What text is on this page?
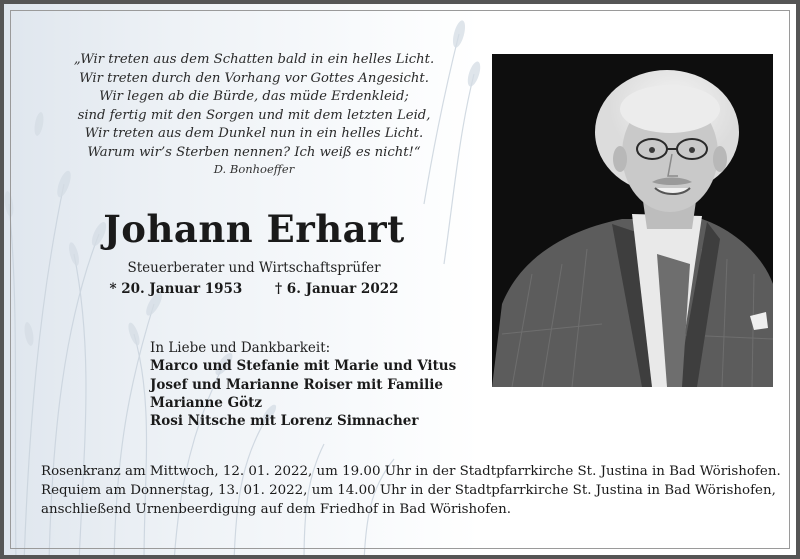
„Wir treten aus dem Schatten bald in ein helles Licht.
Wir treten durch den Vorhang vor Gottes Angesicht.
Wir legen ab die Bürde, das müde Erdenkleid;
sind fertig mit den Sorgen und mit dem letzten Leid,
Wir treten aus dem Dunkel nun in ein helles Licht.
Warum wir’s Sterben nennen? Ich weiß es nicht!“
D. Bonhoeffer
Johann Erhart
Steuerberater und Wirtschaftsprüfer
* 20. Januar 1953 † 6. Januar 2022
In Liebe und Dankbarkeit:
Marco und Stefanie mit Marie und Vitus
Josef und Marianne Roiser mit Familie
Marianne Götz
Rosi Nitsche mit Lorenz Simnacher
Rosenkranz am Mittwoch, 12. 01. 2022, um 19.00 Uhr in der Stadtpfarrkirche St. Justina in Bad Wörishofen.
Requiem am Donnerstag, 13. 01. 2022, um 14.00 Uhr in der Stadtpfarrkirche St. Justina in Bad Wörishofen,
anschließend Urnenbeerdigung auf dem Friedhof in Bad Wörishofen.
